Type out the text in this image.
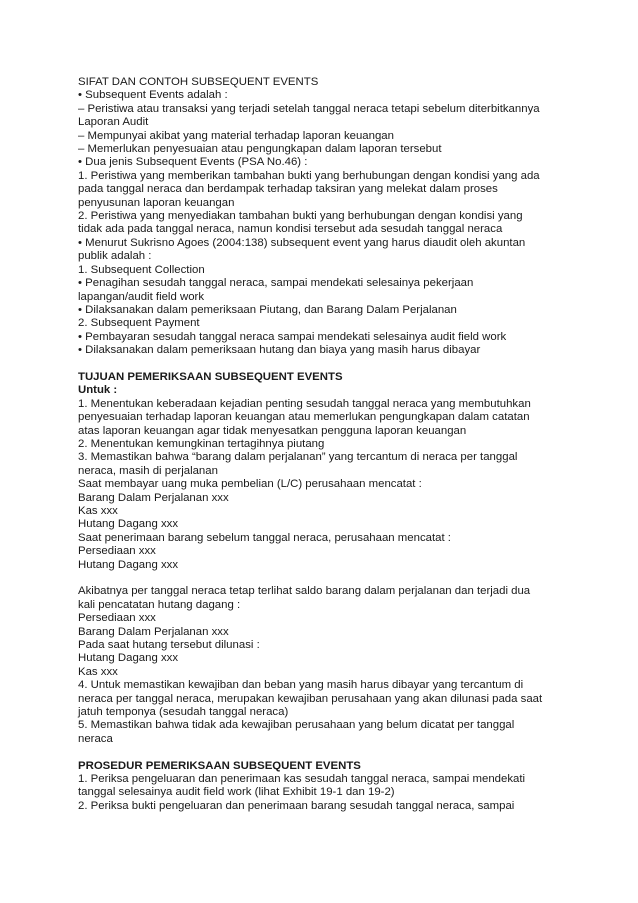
SIFAT DAN CONTOH SUBSEQUENT EVENTS
• Subsequent Events adalah :
– Peristiwa atau transaksi yang terjadi setelah tanggal neraca tetapi sebelum diterbitkannya
Laporan Audit
– Mempunyai akibat yang material terhadap laporan keuangan
– Memerlukan penyesuaian atau pengungkapan dalam laporan tersebut
• Dua jenis Subsequent Events (PSA No.46) :
1. Peristiwa yang memberikan tambahan bukti yang berhubungan dengan kondisi yang ada
pada tanggal neraca dan berdampak terhadap taksiran yang melekat dalam proses
penyusunan laporan keuangan
2. Peristiwa yang menyediakan tambahan bukti yang berhubungan dengan kondisi yang
tidak ada pada tanggal neraca, namun kondisi tersebut ada sesudah tanggal neraca
• Menurut Sukrisno Agoes (2004:138) subsequent event yang harus diaudit oleh akuntan
publik adalah :
1. Subsequent Collection
• Penagihan sesudah tanggal neraca, sampai mendekati selesainya pekerjaan
lapangan/audit field work
• Dilaksanakan dalam pemeriksaan Piutang, dan Barang Dalam Perjalanan
2. Subsequent Payment
• Pembayaran sesudah tanggal neraca sampai mendekati selesainya audit field work
• Dilaksanakan dalam pemeriksaan hutang dan biaya yang masih harus dibayar
TUJUAN PEMERIKSAAN SUBSEQUENT EVENTS
Untuk :
1. Menentukan keberadaan kejadian penting sesudah tanggal neraca yang membutuhkan
penyesuaian terhadap laporan keuangan atau memerlukan pengungkapan dalam catatan
atas laporan keuangan agar tidak menyesatkan pengguna laporan keuangan
2. Menentukan kemungkinan tertagihnya piutang
3. Memastikan bahwa “barang dalam perjalanan” yang tercantum di neraca per tanggal
neraca, masih di perjalanan
Saat membayar uang muka pembelian (L/C) perusahaan mencatat :
Barang Dalam Perjalanan xxx
Kas xxx
Hutang Dagang xxx
Saat penerimaan barang sebelum tanggal neraca, perusahaan mencatat :
Persediaan xxx
Hutang Dagang xxx
Akibatnya per tanggal neraca tetap terlihat saldo barang dalam perjalanan dan terjadi dua
kali pencatatan hutang dagang :
Persediaan xxx
Barang Dalam Perjalanan xxx
Pada saat hutang tersebut dilunasi :
Hutang Dagang xxx
Kas xxx
4. Untuk memastikan kewajiban dan beban yang masih harus dibayar yang tercantum di
neraca per tanggal neraca, merupakan kewajiban perusahaan yang akan dilunasi pada saat
jatuh temponya (sesudah tanggal neraca)
5. Memastikan bahwa tidak ada kewajiban perusahaan yang belum dicatat per tanggal
neraca
PROSEDUR PEMERIKSAAN SUBSEQUENT EVENTS
1. Periksa pengeluaran dan penerimaan kas sesudah tanggal neraca, sampai mendekati
tanggal selesainya audit field work (lihat Exhibit 19-1 dan 19-2)
2. Periksa bukti pengeluaran dan penerimaan barang sesudah tanggal neraca, sampai
